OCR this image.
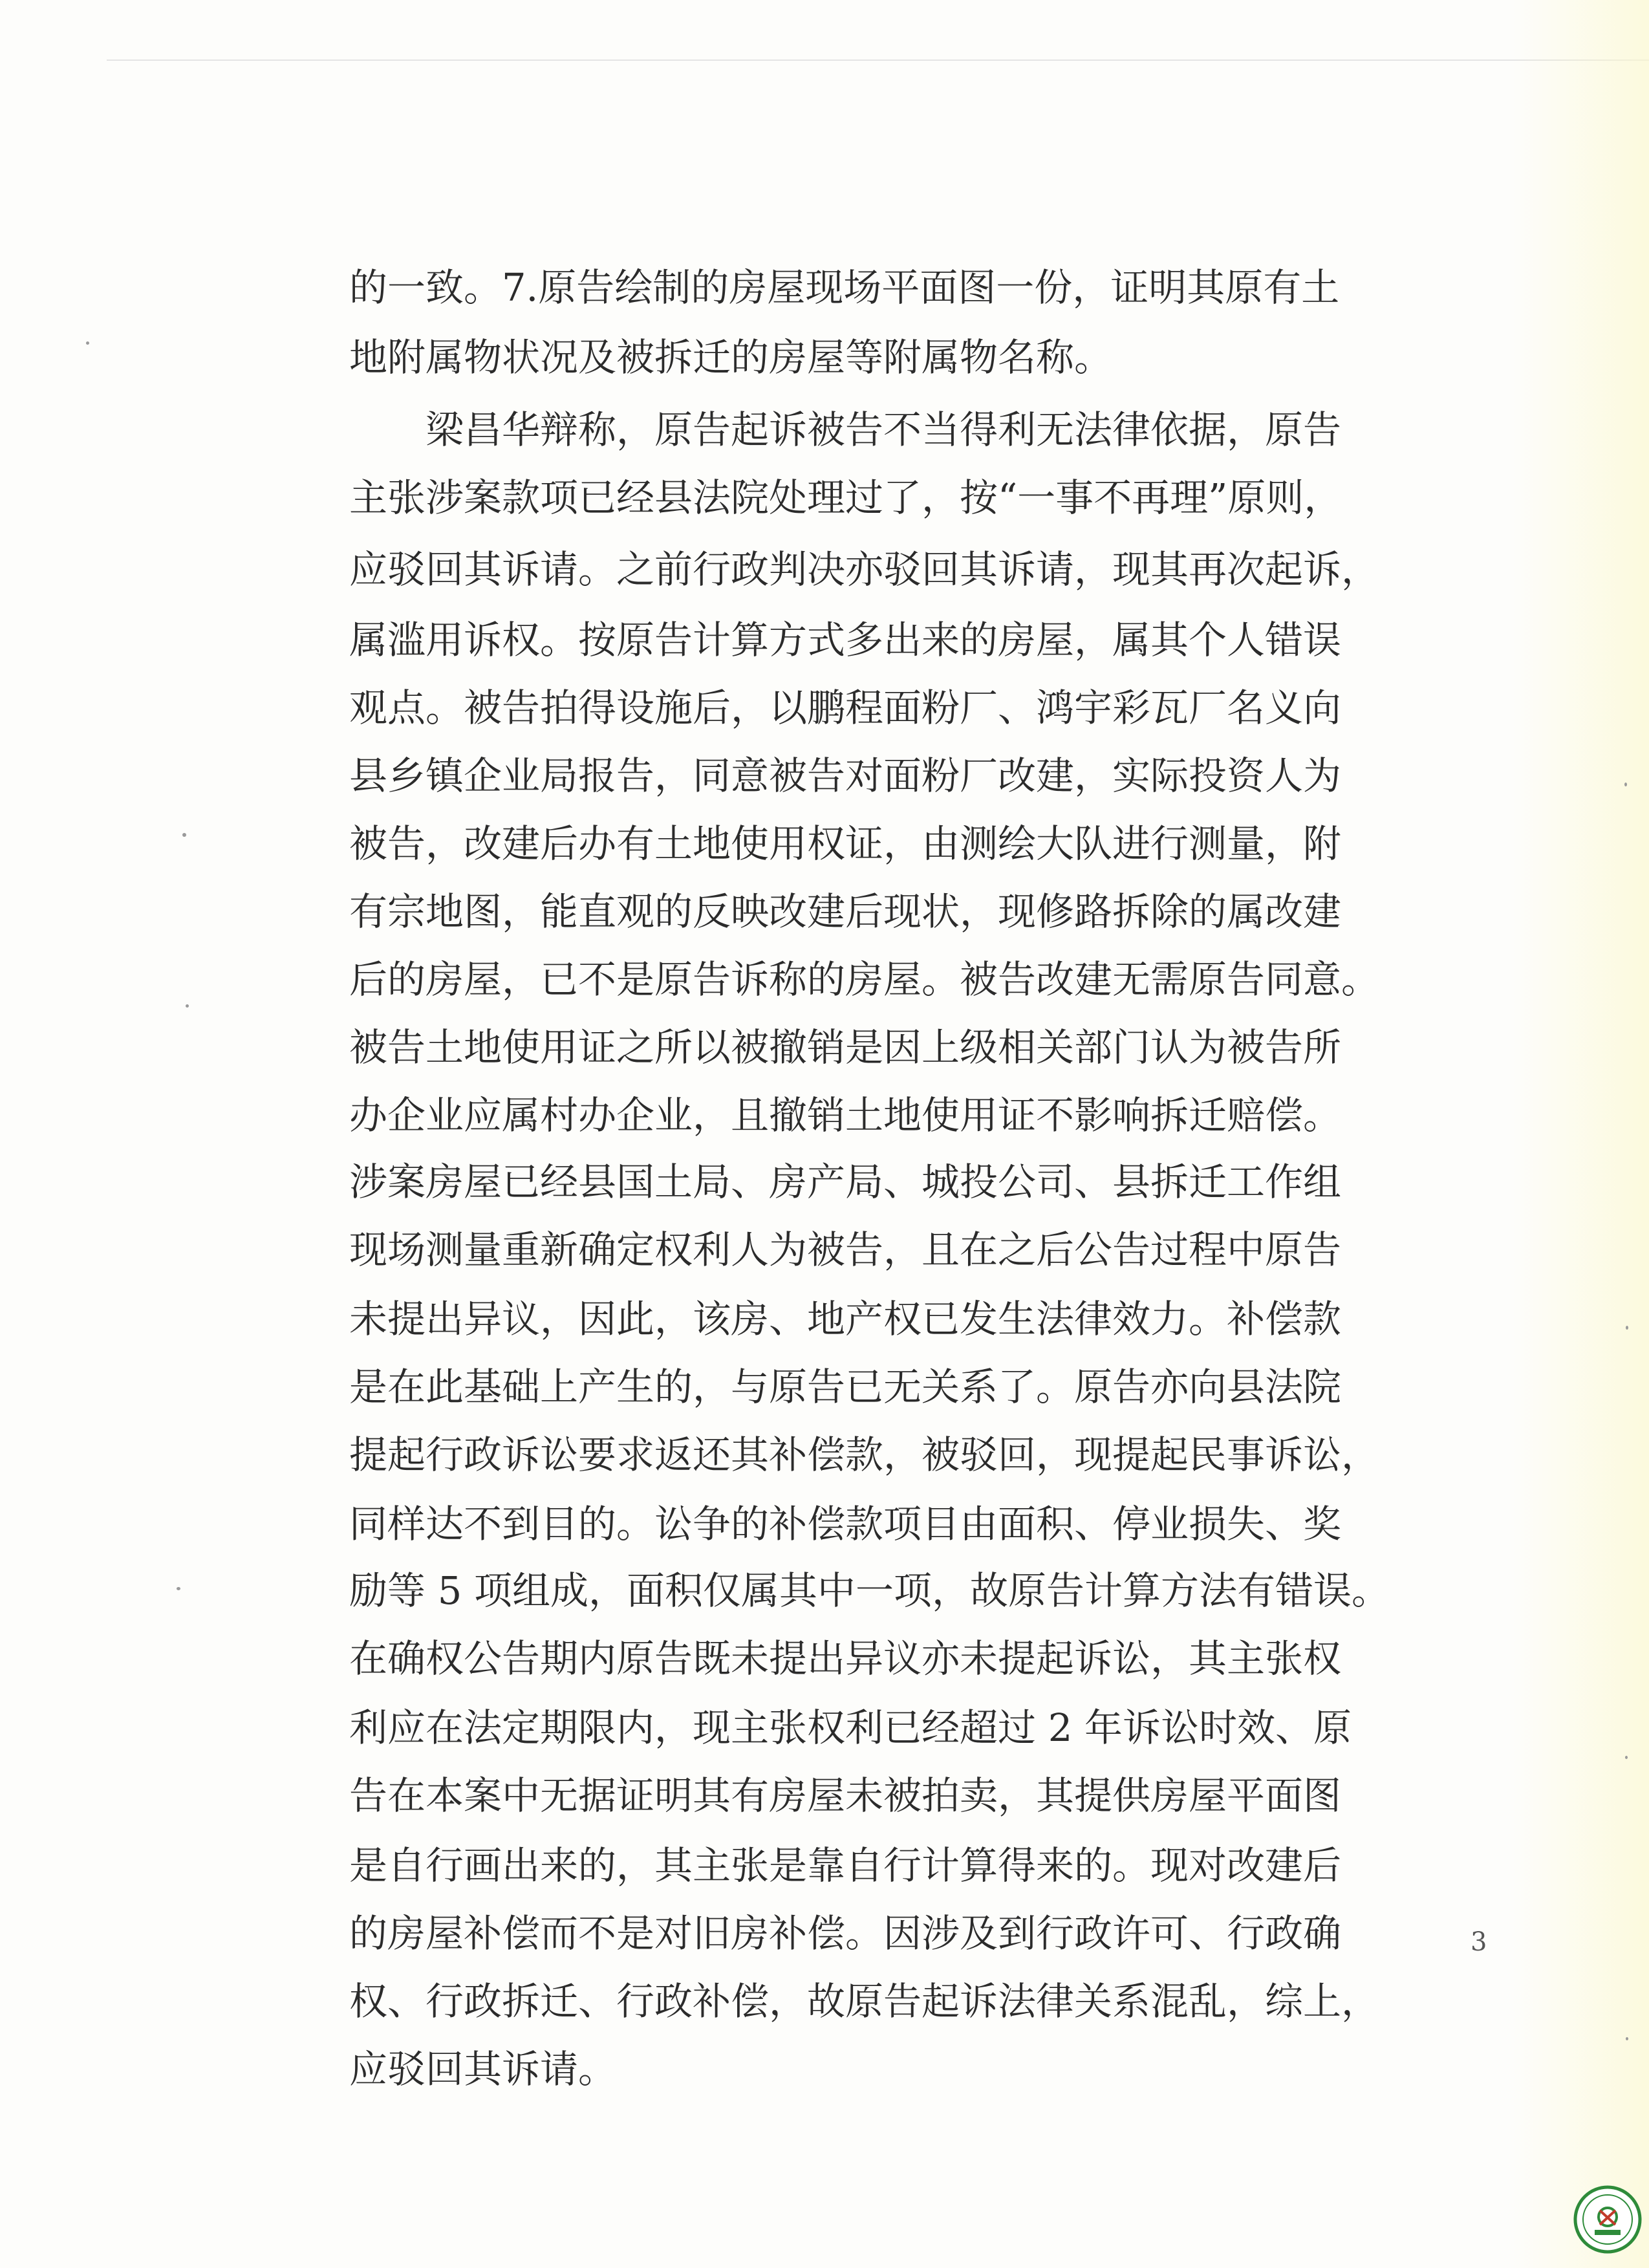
的一致。7.原告绘制的房屋现场平面图一份，证明其原有土
地附属物状况及被拆迁的房屋等附属物名称。
梁昌华辩称，原告起诉被告不当得利无法律依据，原告
主张涉案款项已经县法院处理过了，按“一事不再理”原则，
应驳回其诉请。之前行政判决亦驳回其诉请，现其再次起诉，
属滥用诉权。按原告计算方式多出来的房屋，属其个人错误
观点。被告拍得设施后，以鹏程面粉厂、鸿宇彩瓦厂名义向
县乡镇企业局报告，同意被告对面粉厂改建，实际投资人为
被告，改建后办有土地使用权证，由测绘大队进行测量，附
有宗地图，能直观的反映改建后现状，现修路拆除的属改建
后的房屋，已不是原告诉称的房屋。被告改建无需原告同意。
被告土地使用证之所以被撤销是因上级相关部门认为被告所
办企业应属村办企业，且撤销土地使用证不影响拆迁赔偿。
涉案房屋已经县国土局、房产局、城投公司、县拆迁工作组
现场测量重新确定权利人为被告，且在之后公告过程中原告
未提出异议，因此，该房、地产权已发生法律效力。补偿款
是在此基础上产生的，与原告已无关系了。原告亦向县法院
提起行政诉讼要求返还其补偿款，被驳回，现提起民事诉讼，
同样达不到目的。讼争的补偿款项目由面积、停业损失、奖
励等 5 项组成，面积仅属其中一项，故原告计算方法有错误。
在确权公告期内原告既未提出异议亦未提起诉讼，其主张权
利应在法定期限内，现主张权利已经超过 2 年诉讼时效、原
告在本案中无据证明其有房屋未被拍卖，其提供房屋平面图
是自行画出来的，其主张是靠自行计算得来的。现对改建后
的房屋补偿而不是对旧房补偿。因涉及到行政许可、行政确
权、行政拆迁、行政补偿，故原告起诉法律关系混乱，综上，
应驳回其诉请。
3
